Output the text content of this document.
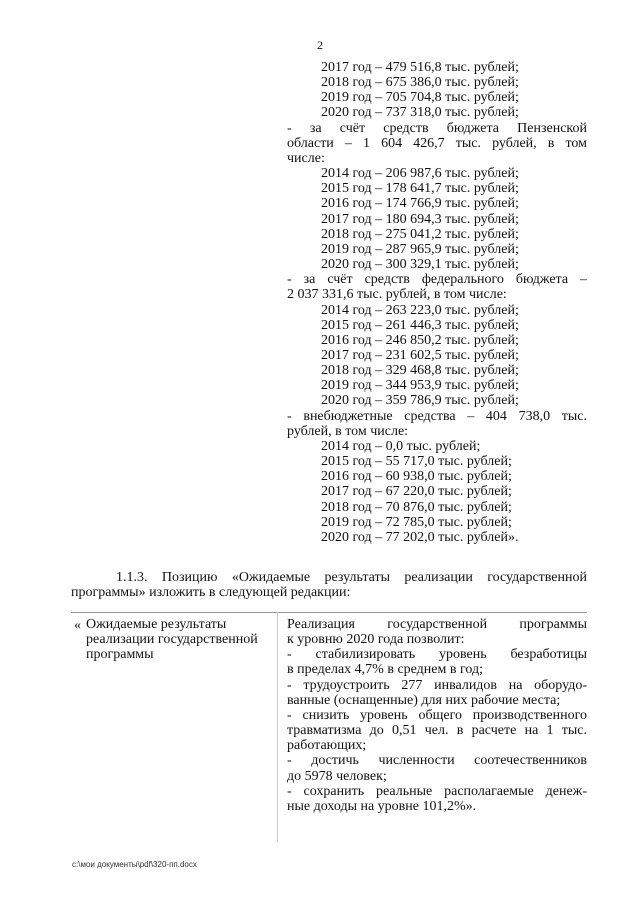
2
2017 год – 479 516,8 тыс. рублей;
2018 год – 675 386,0 тыс. рублей;
2019 год – 705 704,8 тыс. рублей;
2020 год – 737 318,0 тыс. рублей;
- за счёт средств бюджета Пензенской
области – 1 604 426,7 тыс. рублей, в том
числе:
2014 год – 206 987,6 тыс. рублей;
2015 год – 178 641,7 тыс. рублей;
2016 год – 174 766,9 тыс. рублей;
2017 год – 180 694,3 тыс. рублей;
2018 год – 275 041,2 тыс. рублей;
2019 год – 287 965,9 тыс. рублей;
2020 год – 300 329,1 тыс. рублей;
- за счёт средств федерального бюджета –
2 037 331,6 тыс. рублей, в том числе:
2014 год – 263 223,0 тыс. рублей;
2015 год – 261 446,3 тыс. рублей;
2016 год – 246 850,2 тыс. рублей;
2017 год – 231 602,5 тыс. рублей;
2018 год – 329 468,8 тыс. рублей;
2019 год – 344 953,9 тыс. рублей;
2020 год – 359 786,9 тыс. рублей;
- внебюджетные средства – 404 738,0 тыс.
рублей, в том числе:
2014 год – 0,0 тыс. рублей;
2015 год – 55 717,0 тыс. рублей;
2016 год – 60 938,0 тыс. рублей;
2017 год – 67 220,0 тыс. рублей;
2018 год – 70 876,0 тыс. рублей;
2019 год – 72 785,0 тыс. рублей;
2020 год – 77 202,0 тыс. рублей».
1.1.3. Позицию «Ожидаемые результаты реализации государственной
программы» изложить в следующей редакции:
« Ожидаемые результаты
реализации государственной
программы
Реализация государственной программы
к уровню 2020 года позволит:
- стабилизировать уровень безработицы
в пределах 4,7% в среднем в год;
- трудоустроить 277 инвалидов на оборудо-
ванные (оснащенные) для них рабочие места;
- снизить уровень общего производственного
травматизма до 0,51 чел. в расчете на 1 тыс.
работающих;
- достичь численности соотечественников
до 5978 человек;
- сохранить реальные располагаемые денеж-
ные доходы на уровне 101,2%».
c:\мои документы\pdf\320-пп.docx
